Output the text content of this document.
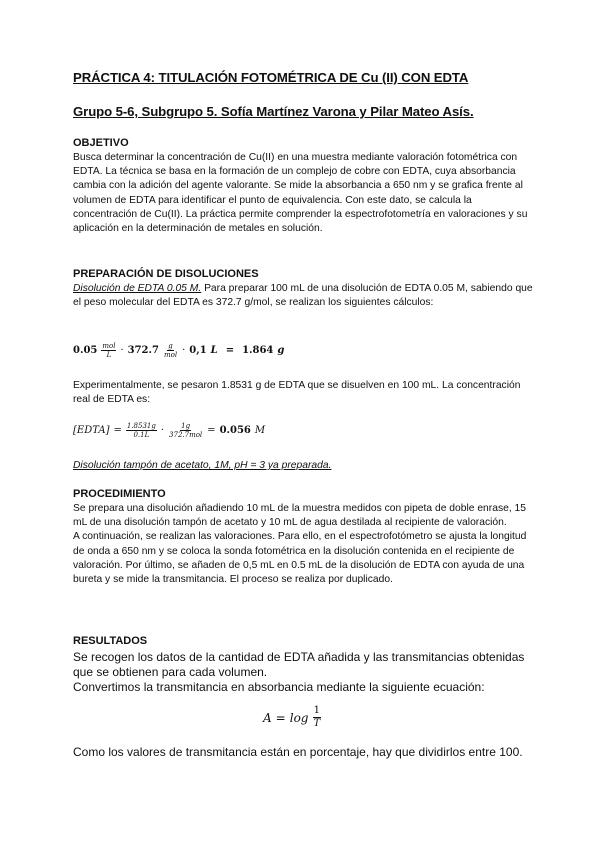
PRÁCTICA 4: TITULACIÓN FOTOMÉTRICA DE Cu (II) CON EDTA
Grupo 5-6, Subgrupo 5. Sofía Martínez Varona y Pilar Mateo Asís.
OBJETIVO

Busca determinar la concentración de Cu(II) en una muestra mediante valoración fotométrica con EDTA. La técnica se basa en la formación de un complejo de cobre con EDTA, cuya absorbancia cambia con la adición del agente valorante. Se mide la absorbancia a 650 nm y se grafica frente al volumen de EDTA para identificar el punto de equivalencia. Con este dato, se calcula la concentración de Cu(II). La práctica permite comprender la espectrofotometría en valoraciones y su aplicación en la determinación de metales en solución.

PREPARACIÓN DE DISOLUCIONES

Disolución de EDTA 0.05 M. Para preparar 100 mL de una disolución de EDTA 0.05 M, sabiendo que el peso molecular del EDTA es 372.7 g/mol, se realizan los siguientes cálculos:

$0.05 \frac{\text{mol}}{L} \cdot 372.7 \frac{g}{\text{mol}} \cdot 0,1$ L = 1.864 g

Experimentalmente, se pesaron 1.8531 g de EDTA que se disuelven en 100 mL. La concentración real de EDTA es:

[EDTA] = $\frac{1.8531g}{0.1L} \cdot \frac{1g}{\text{372.7mol}} = 0.056$ M

Disolución tampón de acetato, 1M, pH = 3 ya preparada.

PROCEDIMIENTO

Se prepara una disolución añadiendo 10 mL de la muestra medidos con pipeta de doble enrase, 15 mL de una disolución tampón de acetato y 10 mL de agua destilada al recipiente de valoración.

A continuación, se realizan las valoraciones. Para ello, en el espectrofotómetro se ajusta la longitud de onda a 650 nm y se coloca la sonda fotométrica en la disolución contenida en el recipiente de valoración. Por último, se añaden de 0,5 mL en 0.5 mL de la disolución de EDTA con ayuda de una bureta y se mide la transmitancia. El proceso se realiza por duplicado.

RESULTADOS

Se recogen los datos de la cantidad de EDTA añadida y las transmitancias obtenidas que se obtienen para cada volumen.

Convertimos la transmitancia en absorbancia mediante la siguiente ecuación:

$A = \log \frac{1}{T}$

Como los valores de transmitancia están en porcentaje, hay que dividirlos entre 100.
